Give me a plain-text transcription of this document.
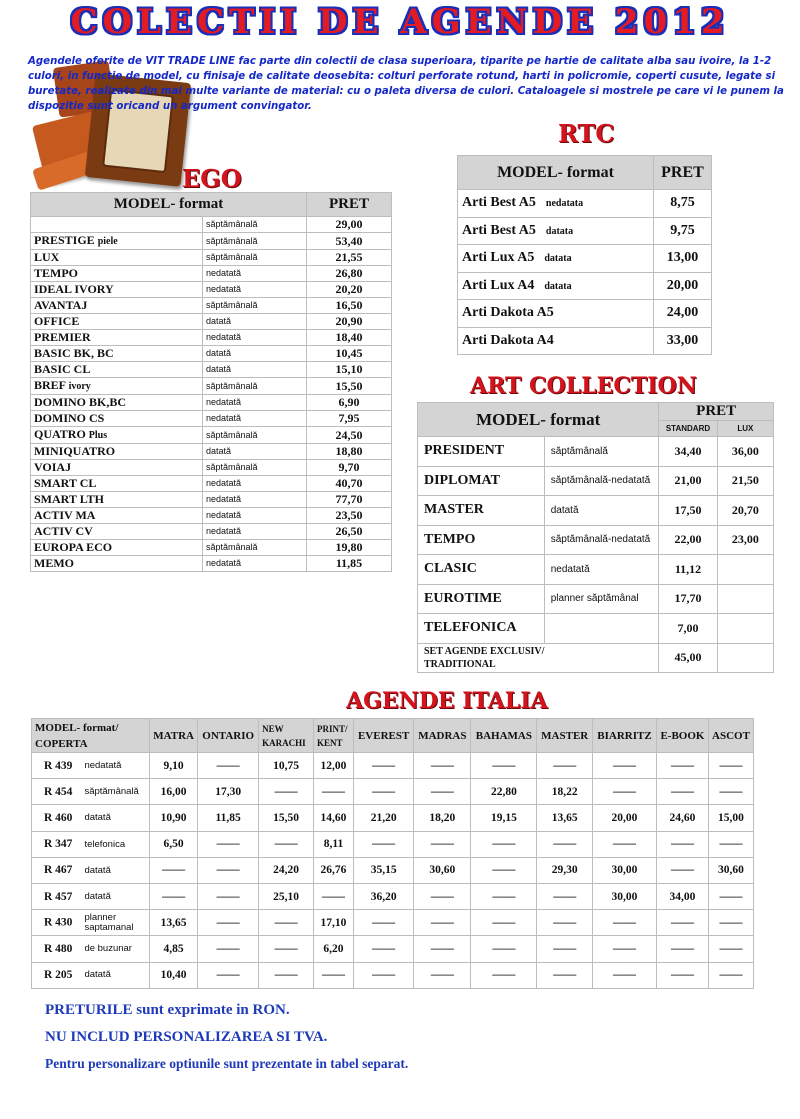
COLECTII DE AGENDE 2012
Agendele oferite de VIT TRADE LINE fac parte din colectii de clasa superioara, tiparite pe hartie de calitate alba sau ivoire, la 1-2 culori, in functie de model, cu finisaje de calitate deosebita: colturi perforate rotund, harti in policromie, coperti cusute, legate si buretate, realizate din mai multe variante de material: cu o paleta diversa de culori. Cataloagele si mostrele pe care vi le punem la dispozitie sunt oricand un argument convingator.
EGO
MODEL- format		PRET
	săptămânală	29,00
PRESTIGE piele	săptămânală	53,40
LUX	săptămânală	21,55
TEMPO	nedatată	26,80
IDEAL IVORY	nedatată	20,20
AVANTAJ	săptămânală	16,50
OFFICE	datată	20,90
PREMIER	nedatată	18,40
BASIC BK, BC	datată	10,45
BASIC CL	datată	15,10
BREF ivory	săptămânală	15,50
DOMINO BK,BC	nedatată	6,90
DOMINO CS	nedatată	7,95
QUATRO Plus	săptămânală	24,50
MINIQUATRO	datată	18,80
VOIAJ	săptămânală	9,70
SMART CL	nedatată	40,70
SMART LTH	nedatată	77,70
ACTIV MA	nedatată	23,50
ACTIV CV	nedatată	26,50
EUROPA ECO	săptămânală	19,80
MEMO	nedatată	11,85
RTC
MODEL- format	PRET
Arti Best A5 nedatata	8,75
Arti Best A5 datata	9,75
Arti Lux A5 datata	13,00
Arti Lux A4 datata	20,00
Arti Dakota A5	24,00
Arti Dakota A4	33,00
ART COLLECTION
MODEL- format		PRET	
		STANDARD	LUX
PRESIDENT	săptămânală	34,40	36,00
DIPLOMAT	săptămânală-nedatată	21,00	21,50
MASTER	datată	17,50	20,70
TEMPO	săptămânală-nedatată	22,00	23,00
CLASIC	nedatată	11,12	
EUROTIME	planner săptămânal	17,70	
TELEFONICA		7,00	
SET AGENDE EXCLUSIV/
TRADITIONAL		45,00	
AGENDE ITALIA
MODEL- format/
COPERTA	MATRA	ONTARIO	NEW
KARACHI	PRINT/
KENT	EVEREST	MADRAS	BAHAMAS	MASTER	BIARRITZ	E-BOOK	ASCOT
R 439 nedatată	9,10	——	10,75	12,00	——	——	——	——	——	——	——
R 454 săptămânală	16,00	17,30	——	——	——	——	22,80	18,22	——	——	——
R 460 datată	10,90	11,85	15,50	14,60	21,20	18,20	19,15	13,65	20,00	24,60	15,00
R 347 telefonica	6,50	——	——	8,11	——	——	——	——	——	——	——
R 467 datată	——	——	24,20	26,76	35,15	30,60	——	29,30	30,00	——	30,60
R 457 datată	——	——	25,10	——	36,20	——	——	——	30,00	34,00	——
R 430 planner saptamanal	13,65	——	——	17,10	——	——	——	——	——	——	——
R 480 de buzunar	4,85	——	——	6,20	——	——	——	——	——	——	——
R 205 datată	10,40	——	——	——	——	——	——	——	——	——	——
PRETURILE sunt exprimate in RON.
NU INCLUD PERSONALIZAREA SI TVA.
Pentru personalizare optiunile sunt prezentate in tabel separat.
